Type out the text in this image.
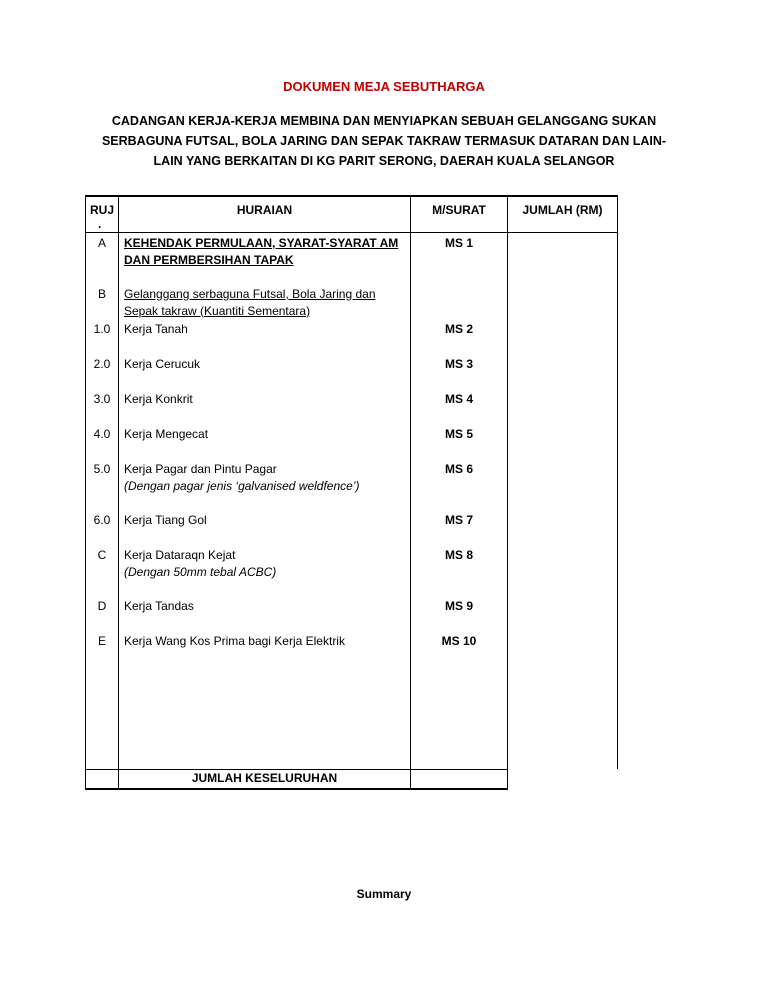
DOKUMEN MEJA SEBUTHARGA
CADANGAN KERJA-KERJA MEMBINA DAN MENYIAPKAN SEBUAH GELANGGANG SUKAN
SERBAGUNA FUTSAL, BOLA JARING DAN SEPAK TAKRAW TERMASUK DATARAN DAN LAIN-
LAIN YANG BERKAITAN DI KG PARIT SERONG, DAERAH KUALA SELANGOR
RUJ
.	HURAIAN	M/SURAT	JUMLAH (RM)
A	KEHENDAK PERMULAAN, SYARAT-SYARAT AM
DAN PERMBERSIHAN TAPAK	MS 1	
B	Gelanggang serbaguna Futsal, Bola Jaring dan
Sepak takraw (Kuantiti Sementara)		
1.0	Kerja Tanah	MS 2	
2.0	Kerja Cerucuk	MS 3	
3.0	Kerja Konkrit	MS 4	
4.0	Kerja Mengecat	MS 5	
5.0	Kerja Pagar dan Pintu Pagar
(Dengan pagar jenis ‘galvanised weldfence’)	MS 6	
6.0	Kerja Tiang Gol	MS 7	
C	Kerja Dataraqn Kejat
(Dengan 50mm tebal ACBC)	MS 8	
D	Kerja Tandas	MS 9	
E	Kerja Wang Kos Prima bagi Kerja Elektrik	MS 10	

	JUMLAH KESELURUHAN		
Summary
